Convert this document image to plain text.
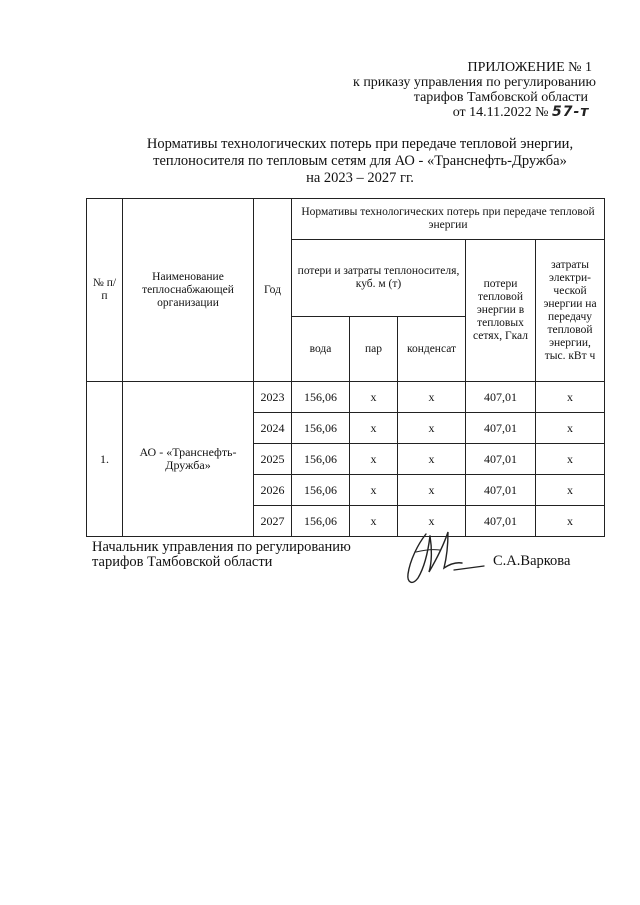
ПРИЛОЖЕНИЕ № 1
к приказу управления по регулированию
тарифов Тамбовской области
от 14.11.2022 № 57-т
Нормативы технологических потерь при передаче тепловой энергии,
теплоносителя по тепловым сетям для АО - «Транснефть-Дружба»
на 2023 – 2027 гг.
№ п/п	Наименование теплоснабжающей организации	Год	Нормативы технологических потерь при передаче тепловой энергии				
			потери и затраты теплоносителя, куб. м (т)			потери тепловой энергии в тепловых сетях, Гкал	затраты электри-ческой энергии на передачу тепловой энергии, тыс. кВт ч
			вода	пар	конденсат		
1.	АО - «Транснефть-Дружба»	2023	156,06	х	х	407,01	х
		2024	156,06	х	х	407,01	х
		2025	156,06	х	х	407,01	х
		2026	156,06	х	х	407,01	х
		2027	156,06	х	х	407,01	х
Начальник управления по регулированию
тарифов Тамбовской области	С.А.Варкова
